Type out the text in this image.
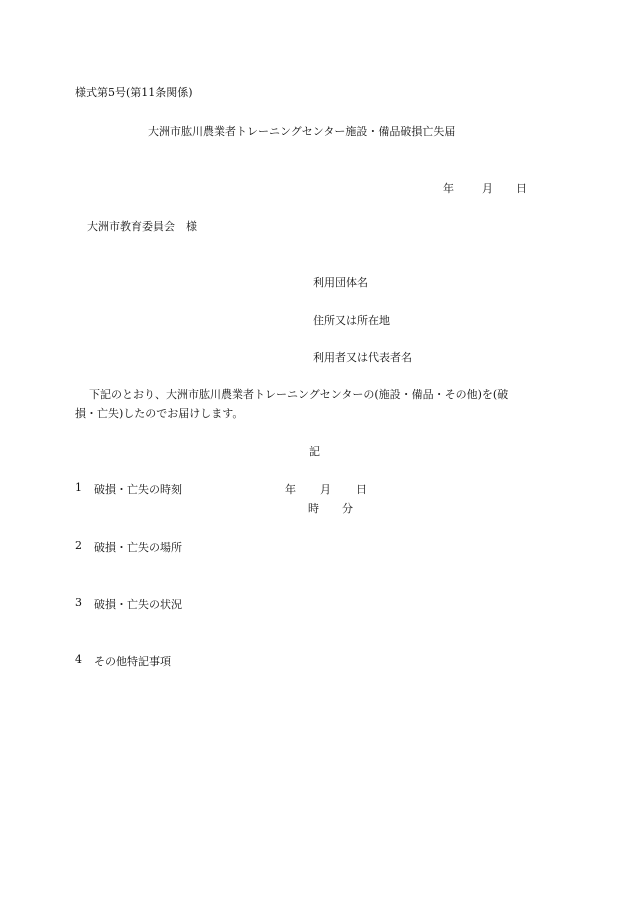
様式第5号(第11条関係)
大洲市肱川農業者トレーニングセンター施設・備品破損亡失届
年	月 日
大洲市教育委員会　様
利用団体名
住所又は所在地
利用者又は代表者名
下記のとおり、大洲市肱川農業者トレーニングセンターの(施設・備品・その他)を(破
損・亡失)したのでお届けします。
記
1 破損・亡失の時刻	年 月 日
時 分
2 破損・亡失の場所
3 破損・亡失の状況
4 その他特記事項
